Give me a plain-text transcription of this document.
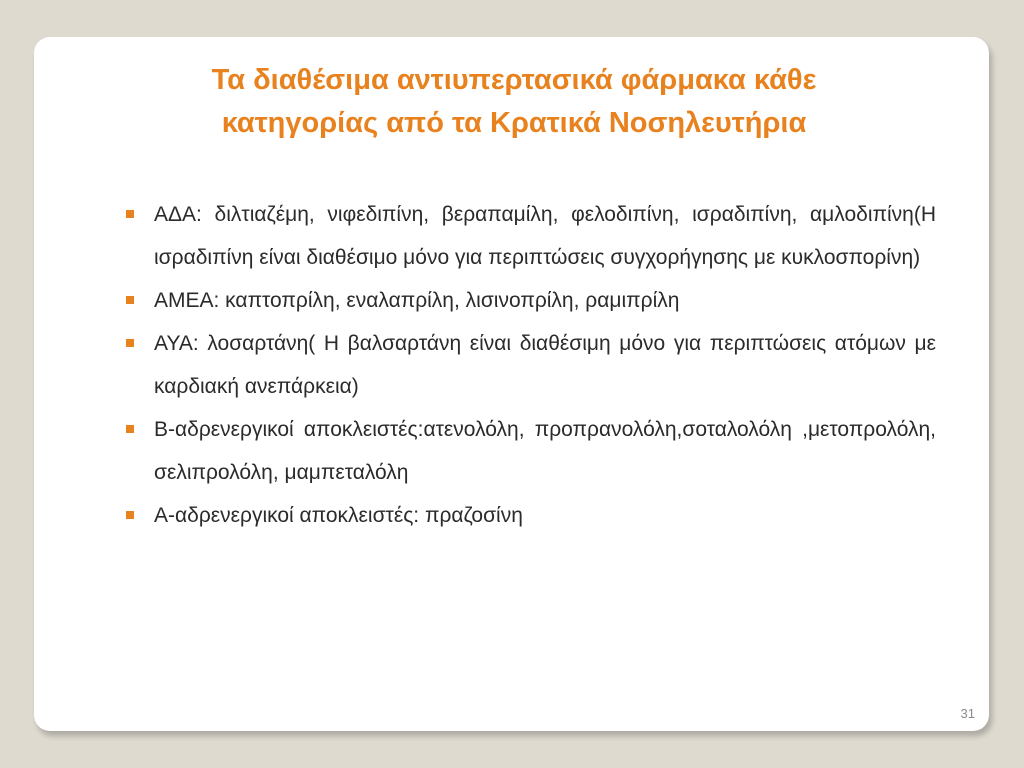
Τα διαθέσιμα αντιυπερτασικά φάρμακα κάθε
κατηγορίας από τα Κρατικά Νοσηλευτήρια
ΑΔΑ: διλτιαζέμη, νιφεδιπίνη, βεραπαμίλη, φελοδιπίνη, ισραδιπίνη, αμλοδιπίνη(Η ισραδιπίνη είναι διαθέσιμο μόνο για περιπτώσεις συγχορήγησης με κυκλοσπορίνη)
ΑΜΕΑ: καπτοπρίλη, εναλαπρίλη, λισινοπρίλη, ραμιπρίλη
ΑΥΑ: λοσαρτάνη( Η βαλσαρτάνη είναι διαθέσιμη μόνο για περιπτώσεις ατόμων με καρδιακή ανεπάρκεια)
Β-αδρενεργικοί αποκλειστές:ατενολόλη, προπρανολόλη,σοταλολόλη ,μετοπρολόλη, σελιπρολόλη, μαμπεταλόλη
Α-αδρενεργικοί αποκλειστές: πραζοσίνη
31
